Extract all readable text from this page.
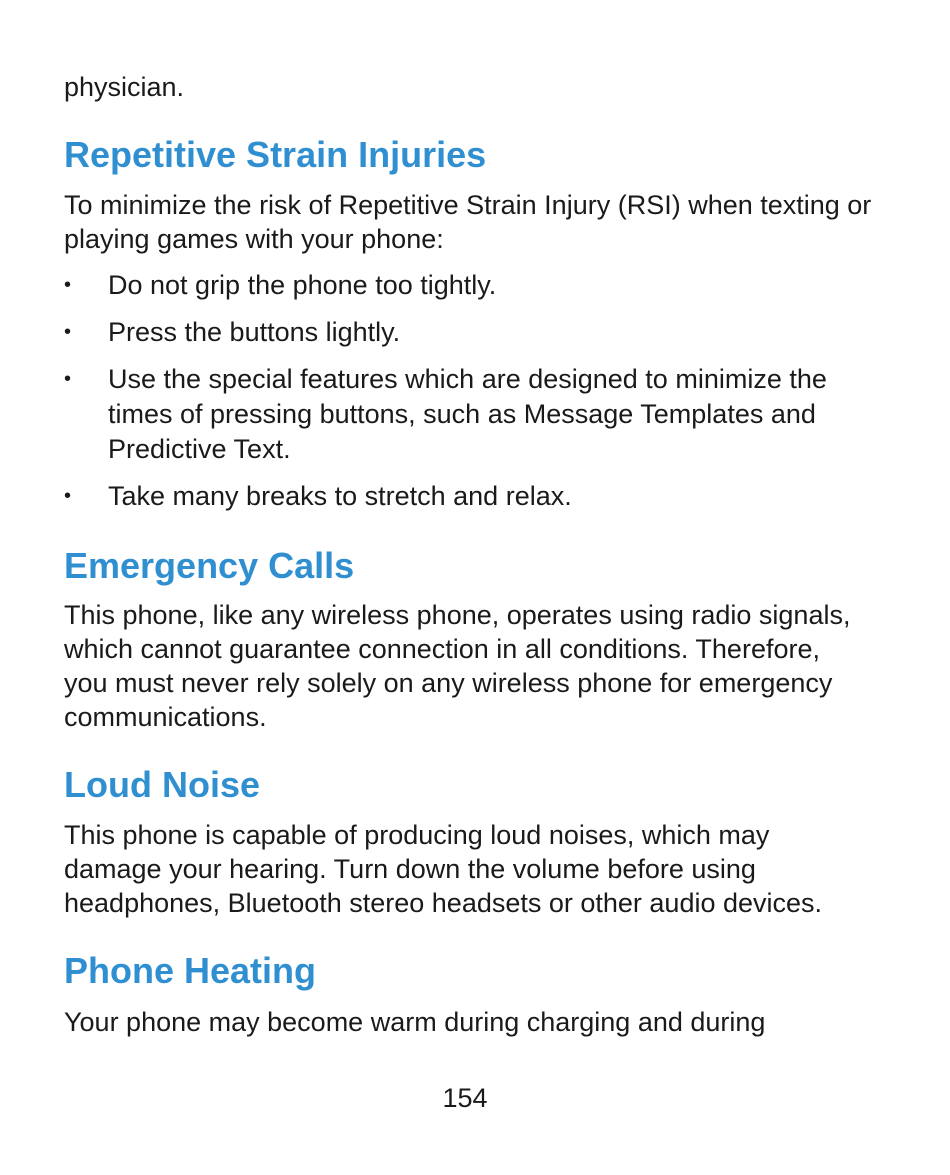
physician.

Repetitive Strain Injuries

To minimize the risk of Repetitive Strain Injury (RSI) when texting or playing games with your phone:

• Do not grip the phone too tightly.
• Press the buttons lightly.
• Use the special features which are designed to minimize the times of pressing buttons, such as Message Templates and Predictive Text.
• Take many breaks to stretch and relax.
Emergency Calls

This phone, like any wireless phone, operates using radio signals, which cannot guarantee connection in all conditions. Therefore, you must never rely solely on any wireless phone for emergency communications.

Loud Noise

This phone is capable of producing loud noises, which may damage your hearing. Turn down the volume before using headphones, Bluetooth stereo headsets or other audio devices.

Phone Heating

Your phone may become warm during charging and during

154
